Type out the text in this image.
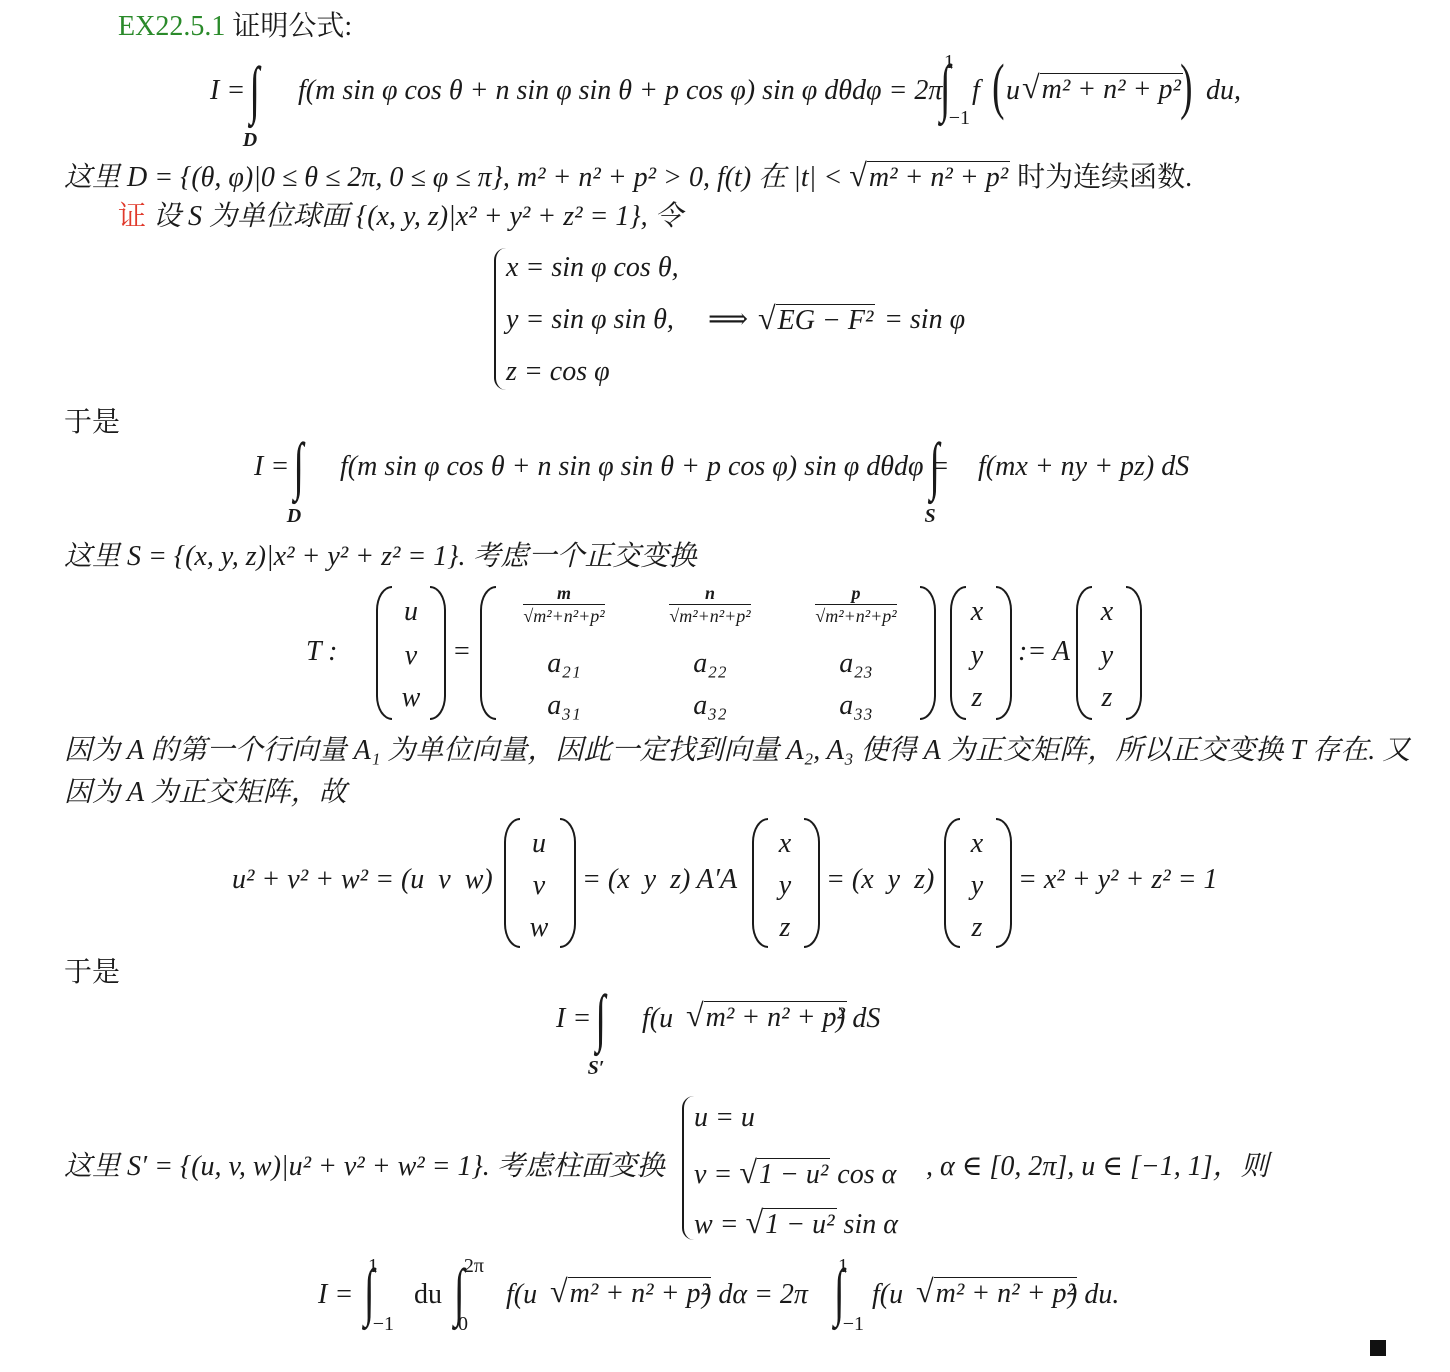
EX22.5.1 证明公式:
I =
D
f(m sin φ cos θ + n sin φ sin θ + p cos φ) sin φ dθdφ = 2π
1
−1
f ( u √m² + n² + p² ) du,
这里 D = {(θ, φ)|0 ≤ θ ≤ 2π, 0 ≤ φ ≤ π}, m² + n² + p² > 0, f(t) 在 |t| < √m² + n² + p² 时为连续函数.
证 设 S 为单位球面 {(x, y, z)|x² + y² + z² = 1}, 令
x = sin φ cos θ,
y = sin φ sin θ,
z = cos φ
⟹ √EG − F² = sin φ
于是
I =
D
f(m sin φ cos θ + n sin φ sin θ + p cos φ) sin φ dθdφ =
S
f(mx + ny + pz) dS
这里 S = {(x, y, z)|x² + y² + z² = 1}. 考虑一个正交变换
T :
u
v
w
=
$\frac{m}{\text{√m²+n²+p²}}$	$\frac{n}{\text{√m²+n²+p²}}$	$\frac{p}{\text{√m²+n²+p²}}$
a₂₁	a₂₂	a₂₃
a₃₁	a₃₂	a₃₃
x
y
z
:= A
x
y
z
因为 A 的第一个行向量 A₁ 为单位向量，因此一定找到向量 A₂, A₃ 使得 A 为正交矩阵，所以正交变换 T 存在. 又
因为 A 为正交矩阵，故
u² + v² + w² = (u  v  w)
u
v
w
= (x  y  z) A′A
x
y
z
= (x  y  z)
x
y
z
= x² + y² + z² = 1
于是
I =
S′
f(u √m² + n² + p²
) dS
这里 S′ = {(u, v, w)|u² + v² + w² = 1}. 考虑柱面变换
u = u
v = √1 − u² cos α
w = √1 − u² sin α
, α ∈ [0, 2π], u ∈ [−1, 1]，则
I =
1
−1
du
2π
0
f(u √m² + n² + p²
) dα = 2π
1
−1
f(u √m² + n² + p²
) du.
